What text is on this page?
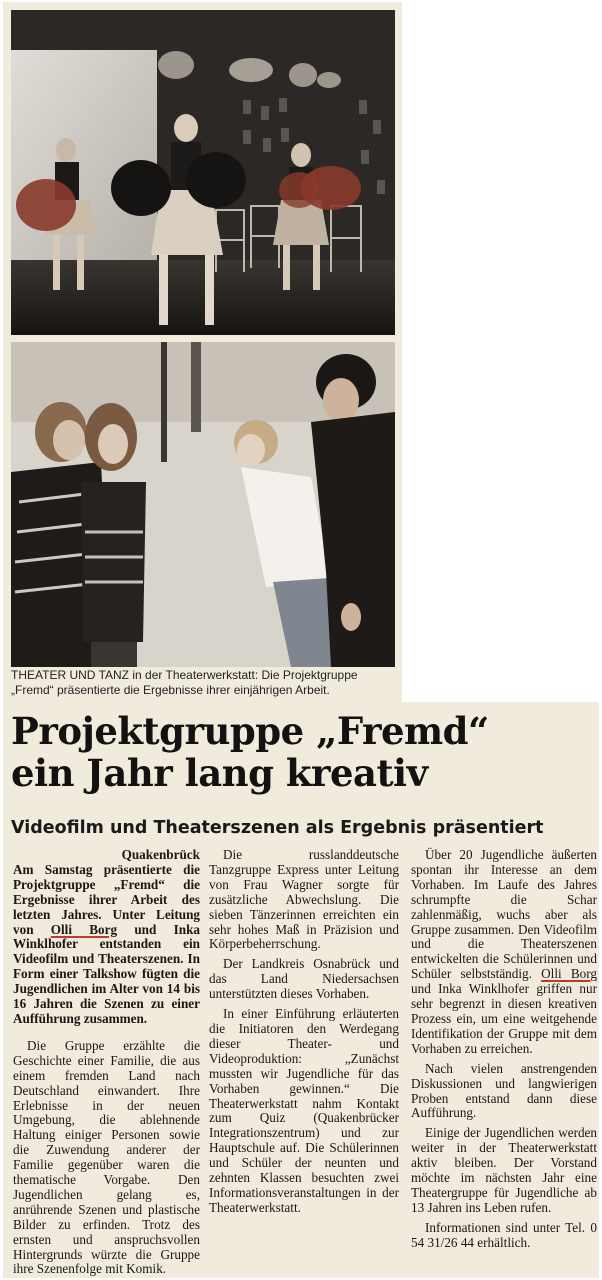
THEATER UND TANZ in der Theaterwerkstatt: Die Projektgruppe „Fremd“ präsentierte die Ergebnisse ihrer einjährigen Arbeit.
Projektgruppe „Fremd“
ein Jahr lang kreativ
Videofilm und Theaterszenen als Ergebnis präsentiert

Quakenbrück
Am Samstag präsentierte die Projektgruppe „Fremd“ die Ergebnisse ihrer Arbeit des letzten Jahres. Unter Leitung von Olli Borg und Inka Winklhofer entstanden ein Videofilm und Theaterszenen. In Form einer Talkshow fügten die Jugendlichen im Alter von 14 bis 16 Jahren die Szenen zu einer Aufführung zusammen.

Die Gruppe erzählte die Geschichte einer Familie, die aus einem fremden Land nach Deutschland einwandert. Ihre Erlebnisse in der neuen Umgebung, die ablehnende Haltung einiger Personen sowie die Zuwendung anderer der Familie gegenüber waren die thematische Vorgabe. Den Jugendlichen gelang es, anrührende Szenen und plastische Bilder zu erfinden. Trotz des ernsten und anspruchsvollen Hintergrunds würzte die Gruppe ihre Szenenfolge mit Komik.

Die russlanddeutsche Tanzgruppe Express unter Leitung von Frau Wagner sorgte für zusätzliche Abwechslung. Die sieben Tänzerinnen erreichten ein sehr hohes Maß in Präzision und Körperbeherrschung.

Der Landkreis Osnabrück und das Land Niedersachsen unterstützten dieses Vorhaben.

In einer Einführung erläuterten die Initiatoren den Werdegang dieser Theater- und Videoproduktion: „Zunächst mussten wir Jugendliche für das Vorhaben gewinnen.“ Die Theaterwerkstatt nahm Kontakt zum Quiz (Quakenbrücker Integrationszentrum) und zur Hauptschule auf. Die Schülerinnen und Schüler der neunten und zehnten Klassen besuchten zwei Informationsveranstaltungen in der Theaterwerkstatt.

Über 20 Jugendliche äußerten spontan ihr Interesse an dem Vorhaben. Im Laufe des Jahres schrumpfte die Schar zahlenmäßig, wuchs aber als Gruppe zusammen. Den Videofilm und die Theaterszenen entwickelten die Schülerinnen und Schüler selbstständig. Olli Borg und Inka Winklhofer griffen nur sehr begrenzt in diesen kreativen Prozess ein, um eine weitgehende Identifikation der Gruppe mit dem Vorhaben zu erreichen.

Nach vielen anstrengenden Diskussionen und langwierigen Proben entstand dann diese Aufführung.

Einige der Jugendlichen werden weiter in der Theaterwerkstatt aktiv bleiben. Der Vorstand möchte im nächsten Jahr eine Theatergruppe für Jugendliche ab 13 Jahren ins Leben rufen.

Informationen sind unter Tel. 0 54 31/26 44 erhältlich.
